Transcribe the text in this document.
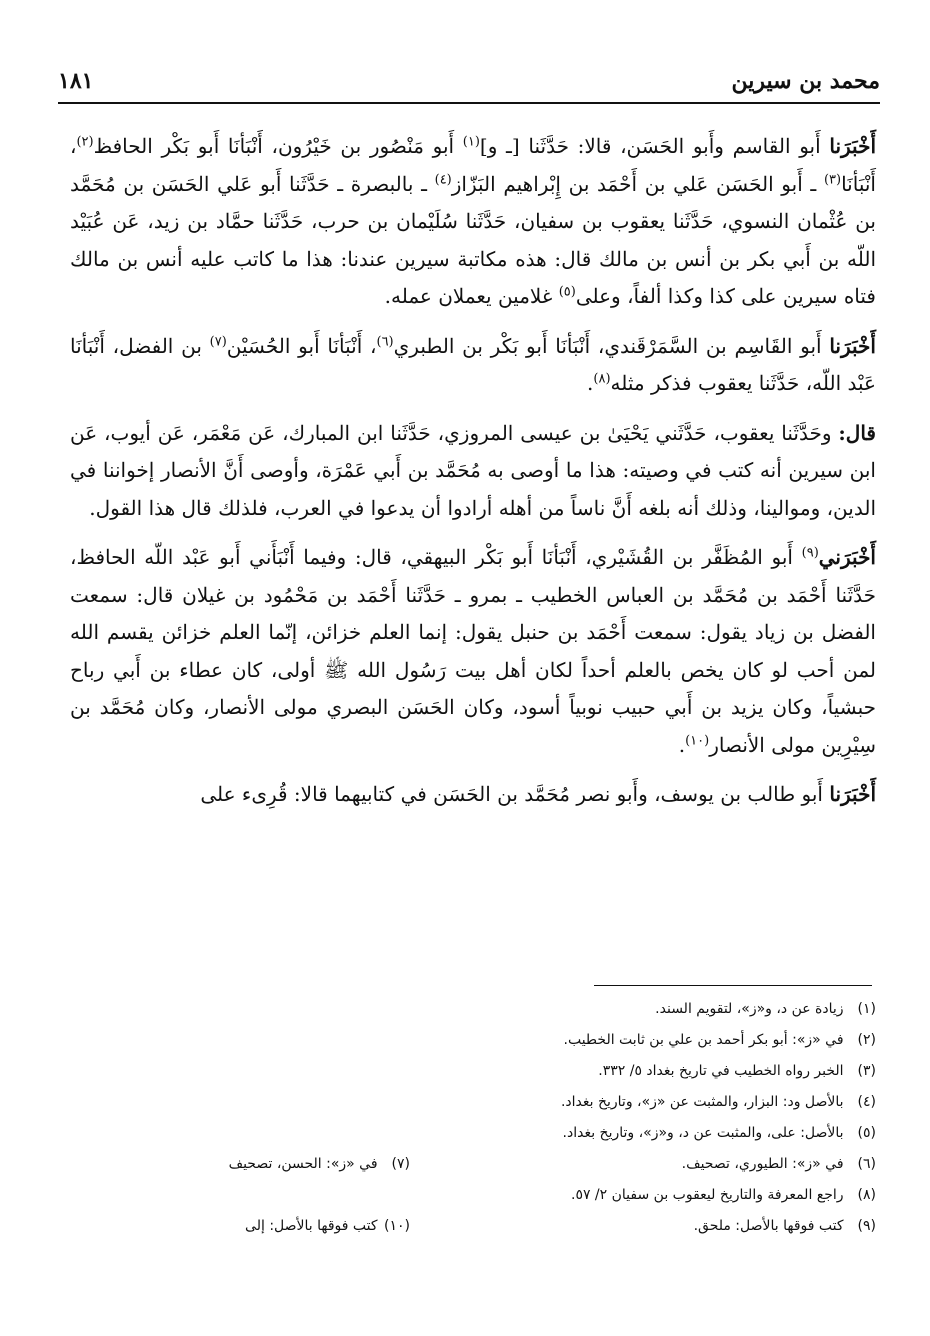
محمد بن سيرين
١٨١

أَخْبَرَنا أَبو القاسم وأَبو الحَسَن، قالا: حَدَّثَنا [ـ و]$^{(١)}$ أَبو مَنْصُور بن خَيْرُون، أَنْبَأنَا أَبو بَكْر الحافظ$^{(٢)}$، أَنْبَأنَا$^{(٣)}$ ـ أَبو الحَسَن عَلي بن أَحْمَد بن إِبْراهيم البَزّاز$^{(٤)}$ ـ بالبصرة ـ حَدَّثَنا أَبو عَلي الحَسَن بن مُحَمَّد بن عُثْمان النسوي، حَدَّثَنا يعقوب بن سفيان، حَدَّثَنا سُلَيْمان بن حرب، حَدَّثَنا حمَّاد بن زيد، عَن عُبَيْد اللّه بن أَبي بكر بن أنس بن مالك قال: هذه مكاتبة سيرين عندنا: هذا ما كاتب عليه أنس بن مالك فتاه سيرين على كذا وكذا ألفاً، وعلى$^{(٥)}$ غلامين يعملان عمله.

أَخْبَرَنا أَبو القَاسِم بن السَّمَرْقَندي، أَنْبَأنَا أَبو بَكْر بن الطبري$^{(٦)}$، أَنْبَأنَا أَبو الحُسَيْن$^{(٧)}$ بن الفضل، أَنْبَأنَا عَبْد اللّه، حَدَّثَنا يعقوب فذكر مثله$^{(٨)}$.

قال: وحَدَّثَنا يعقوب، حَدَّثَني يَحْيَىٰ بن عيسى المروزي، حَدَّثَنا ابن المبارك، عَن مَعْمَر، عَن أيوب، عَن ابن سيرين أنه كتب في وصيته: هذا ما أوصى به مُحَمَّد بن أَبي عَمْرَة، وأوصى أَنَّ الأنصار إخواننا في الدين، وموالينا، وذلك أنه بلغه أَنَّ ناساً من أهله أرادوا أن يدعوا في العرب، فلذلك قال هذا القول.

أَخْبَرَني$^{(٩)}$ أَبو المُظَفَّر بن القُشَيْري، أَنْبَأنَا أَبو بَكْر البيهقي، قال: وفيما أَنْبَأَني أَبو عَبْد اللّه الحافظ، حَدَّثَنا أَحْمَد بن مُحَمَّد بن العباس الخطيب ـ بمرو ـ حَدَّثَنا أَحْمَد بن مَحْمُود بن غيلان قال: سمعت الفضل بن زياد يقول: سمعت أَحْمَد بن حنبل يقول: إنما العلم خزائن، إنّما العلم خزائن يقسم الله لمن أحب لو كان يخص بالعلم أحداً لكان أهل بيت رَسُول الله ﷺ أولى، كان عطاء بن أَبي رباح حبشياً، وكان يزيد بن أَبي حبيب نوبياً أسود، وكان الحَسَن البصري مولى الأنصار، وكان مُحَمَّد بن سِيْرِين مولى الأنصار$^{(١٠)}$.

أَخْبَرَنا أَبو طالب بن يوسف، وأَبو نصر مُحَمَّد بن الحَسَن في كتابيهما قالا: قُرِىء على

(١) زيادة عن د، و«ز»، لتقويم السند.
(٢) في «ز»: أبو بكر أحمد بن علي بن ثابت الخطيب.
(٣) الخبر رواه الخطيب في تاريخ بغداد ٥/ ٣٣٢.
(٤) بالأصل ود: البزار، والمثبت عن «ز»، وتاريخ بغداد.
(٥) بالأصل: على، والمثبت عن د، و«ز»، وتاريخ بغداد.
(٦) في «ز»: الطيوري، تصحيف.
(٧) في «ز»: الحسن، تصحيف
(٨) راجع المعرفة والتاريخ ليعقوب بن سفيان ٢/ ٥٧.
(٩) كتب فوقها بالأصل: ملحق.
(١٠) كتب فوقها بالأصل: إلى
